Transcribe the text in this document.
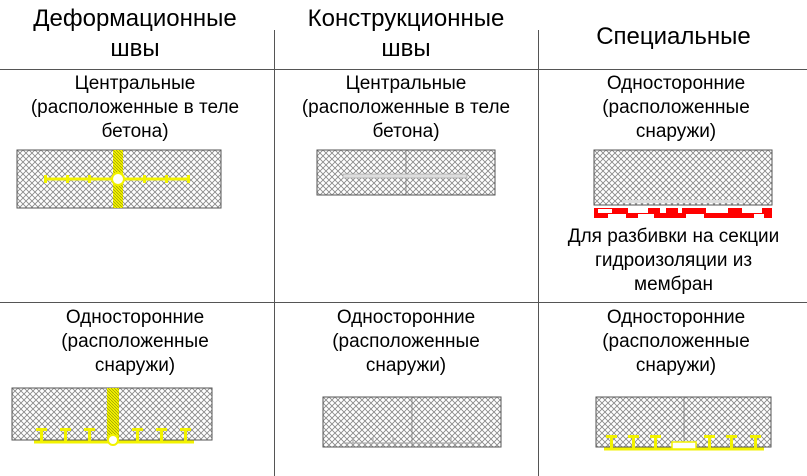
Деформационные
швы
Конструкционные
швы	Специальные
Центральные
(расположенные в теле
бетона)
Центральные
(расположенные в теле
бетона)
Односторонние
(расположенные
снаружи)
Для разбивки на секции
гидроизоляции из
мембран
Односторонние
(расположенные
снаружи)
Односторонние
(расположенные
снаружи)
Односторонние
(расположенные
снаружи)
